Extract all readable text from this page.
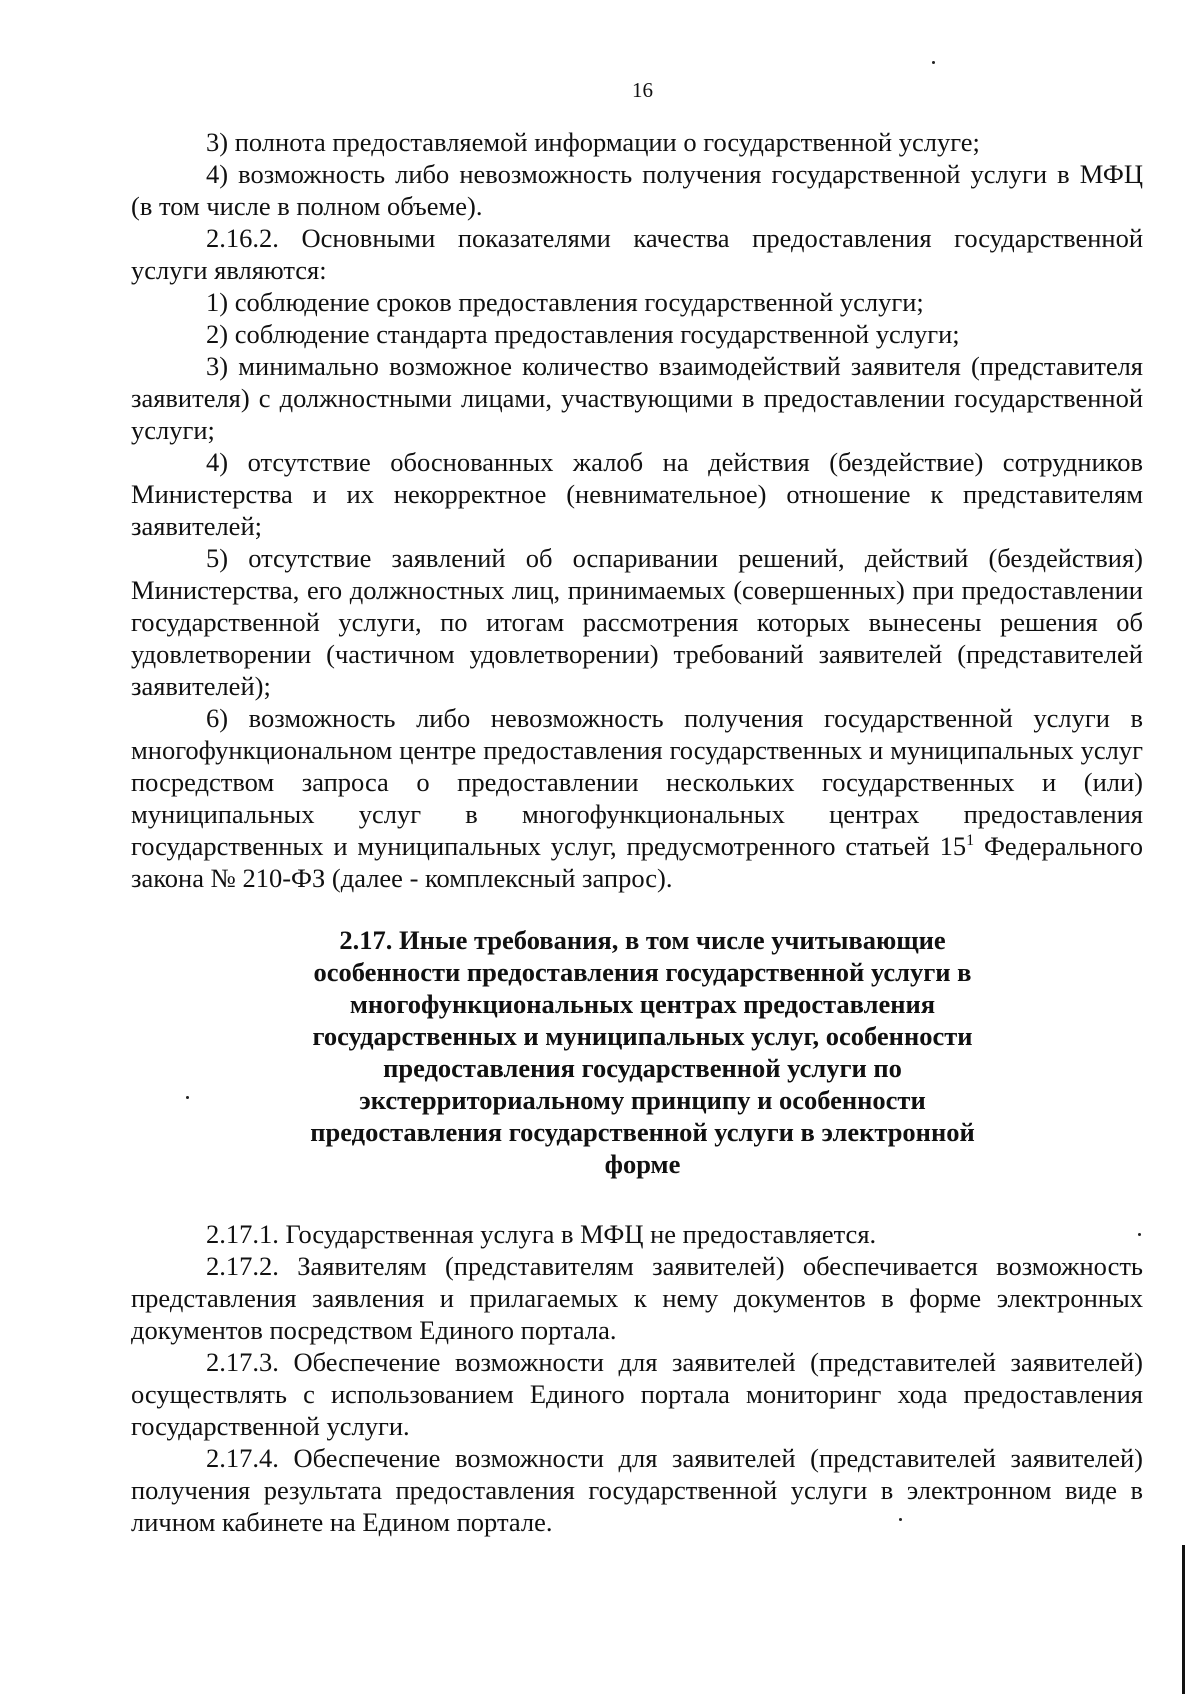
16

3) полнота предоставляемой информации о государственной услуге;

4) возможность либо невозможность получения государственной услуги в МФЦ (в том числе в полном объеме).

2.16.2. Основными показателями качества предоставления государственной услуги являются:

1) соблюдение сроков предоставления государственной услуги;

2) соблюдение стандарта предоставления государственной услуги;

3) минимально возможное количество взаимодействий заявителя (представителя заявителя) с должностными лицами, участвующими в предоставлении государственной услуги;

4) отсутствие обоснованных жалоб на действия (бездействие) сотрудников Министерства и их некорректное (невнимательное) отношение к представителям заявителей;

5) отсутствие заявлений об оспаривании решений, действий (бездействия) Министерства, его должностных лиц, принимаемых (совершенных) при предоставлении государственной услуги, по итогам рассмотрения которых вынесены решения об удовлетворении (частичном удовлетворении) требований заявителей (представителей заявителей);

6) возможность либо невозможность получения государственной услуги в многофункциональном центре предоставления государственных и муниципальных услуг посредством запроса о предоставлении нескольких государственных и (или) муниципальных услуг в многофункциональных центрах предоставления государственных и муниципальных услуг, предусмотренного статьей $15^1$ Федерального закона № 210-ФЗ (далее - комплексный запрос).

2.17. Иные требования, в том числе учитывающие особенности предоставления государственной услуги в многофункциональных центрах предоставления государственных и муниципальных услуг, особенности предоставления государственной услуги по экстерриториальному принципу и особенности предоставления государственной услуги в электронной форме

2.17.1. Государственная услуга в МФЦ не предоставляется.

2.17.2. Заявителям (представителям заявителей) обеспечивается возможность представления заявления и прилагаемых к нему документов в форме электронных документов посредством Единого портала.

2.17.3. Обеспечение возможности для заявителей (представителей заявителей) осуществлять с использованием Единого портала мониторинг хода предоставления государственной услуги.

2.17.4. Обеспечение возможности для заявителей (представителей заявителей) получения результата предоставления государственной услуги в электронном виде в личном кабинете на Едином портале.
